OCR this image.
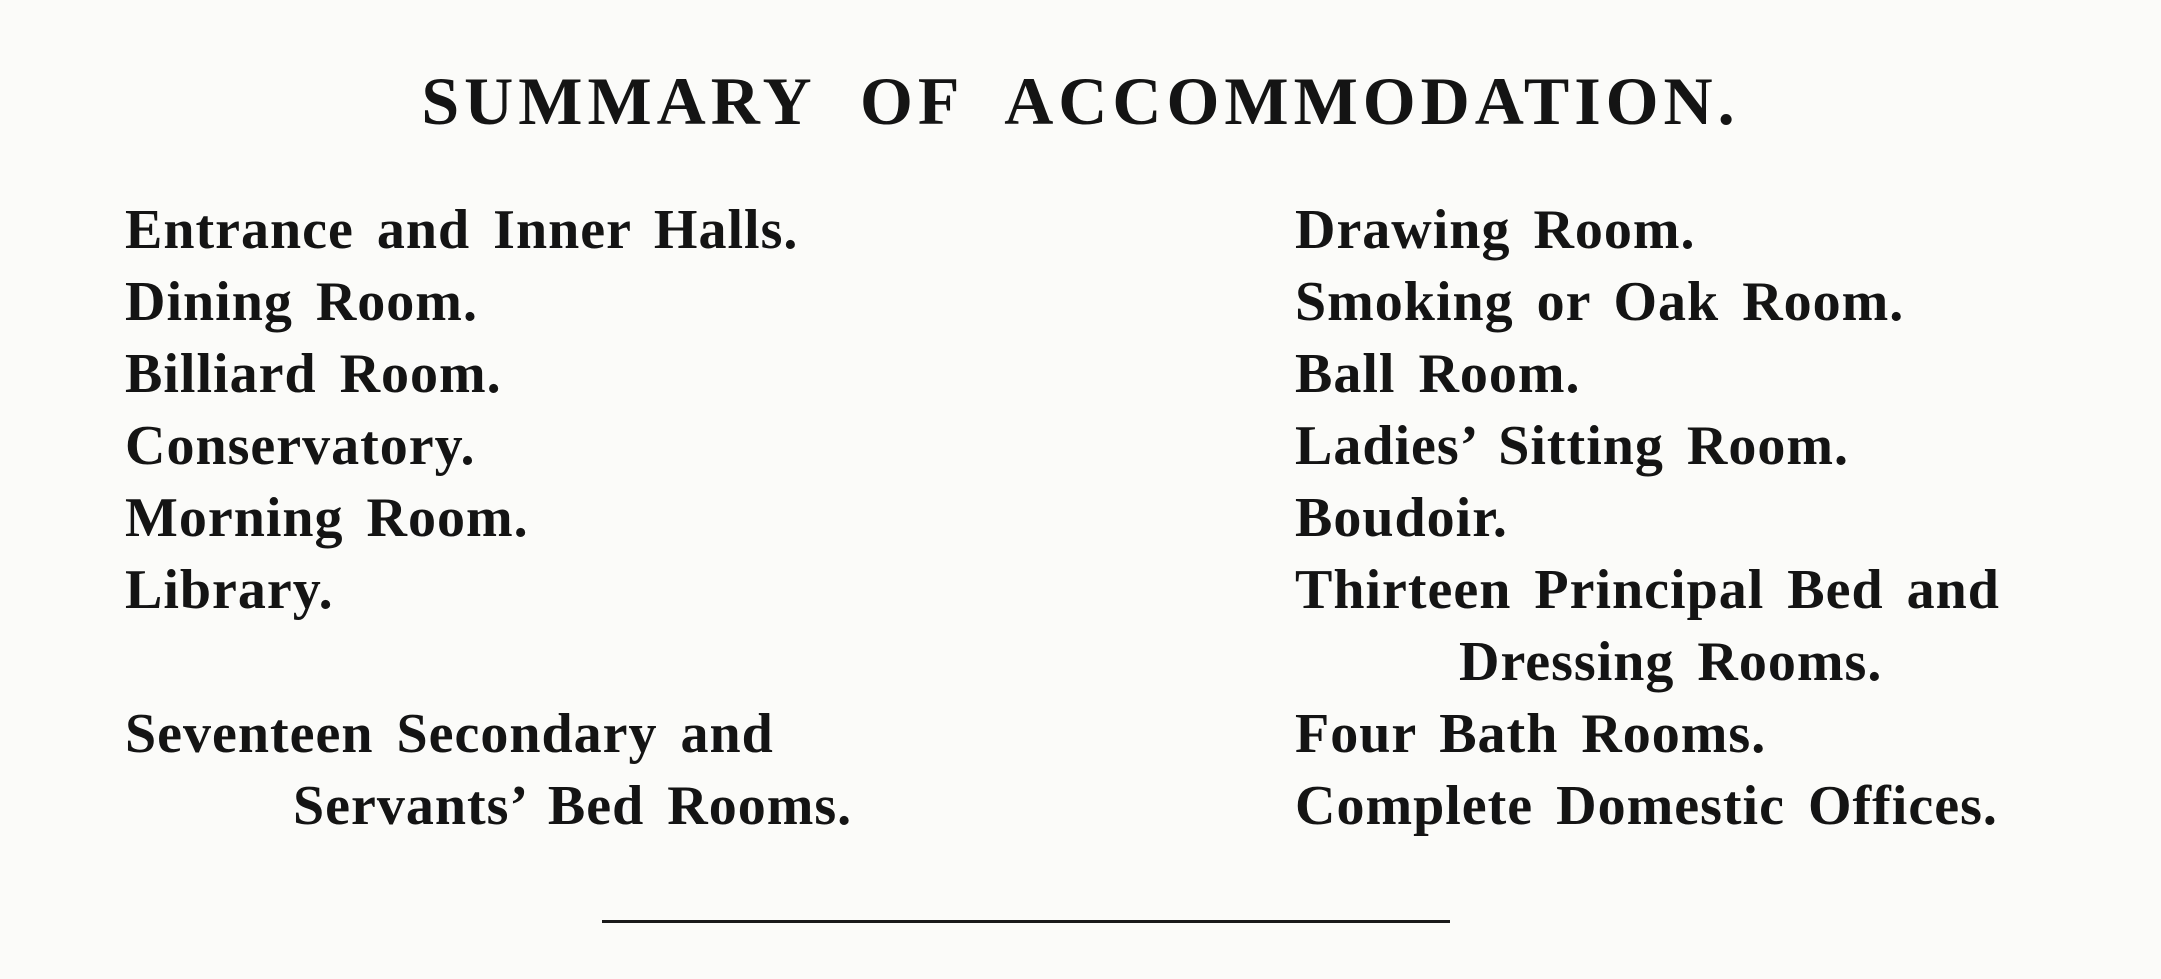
SUMMARY OF ACCOMMODATION.
Entrance and Inner Halls.
Dining Room.
Billiard Room.
Conservatory.
Morning Room.
Library.
Seventeen Secondary and
Servants’ Bed Rooms.
Drawing Room.
Smoking or Oak Room.
Ball Room.
Ladies’ Sitting Room.
Boudoir.
Thirteen Principal Bed and
Dressing Rooms.
Four Bath Rooms.
Complete Domestic Offices.
